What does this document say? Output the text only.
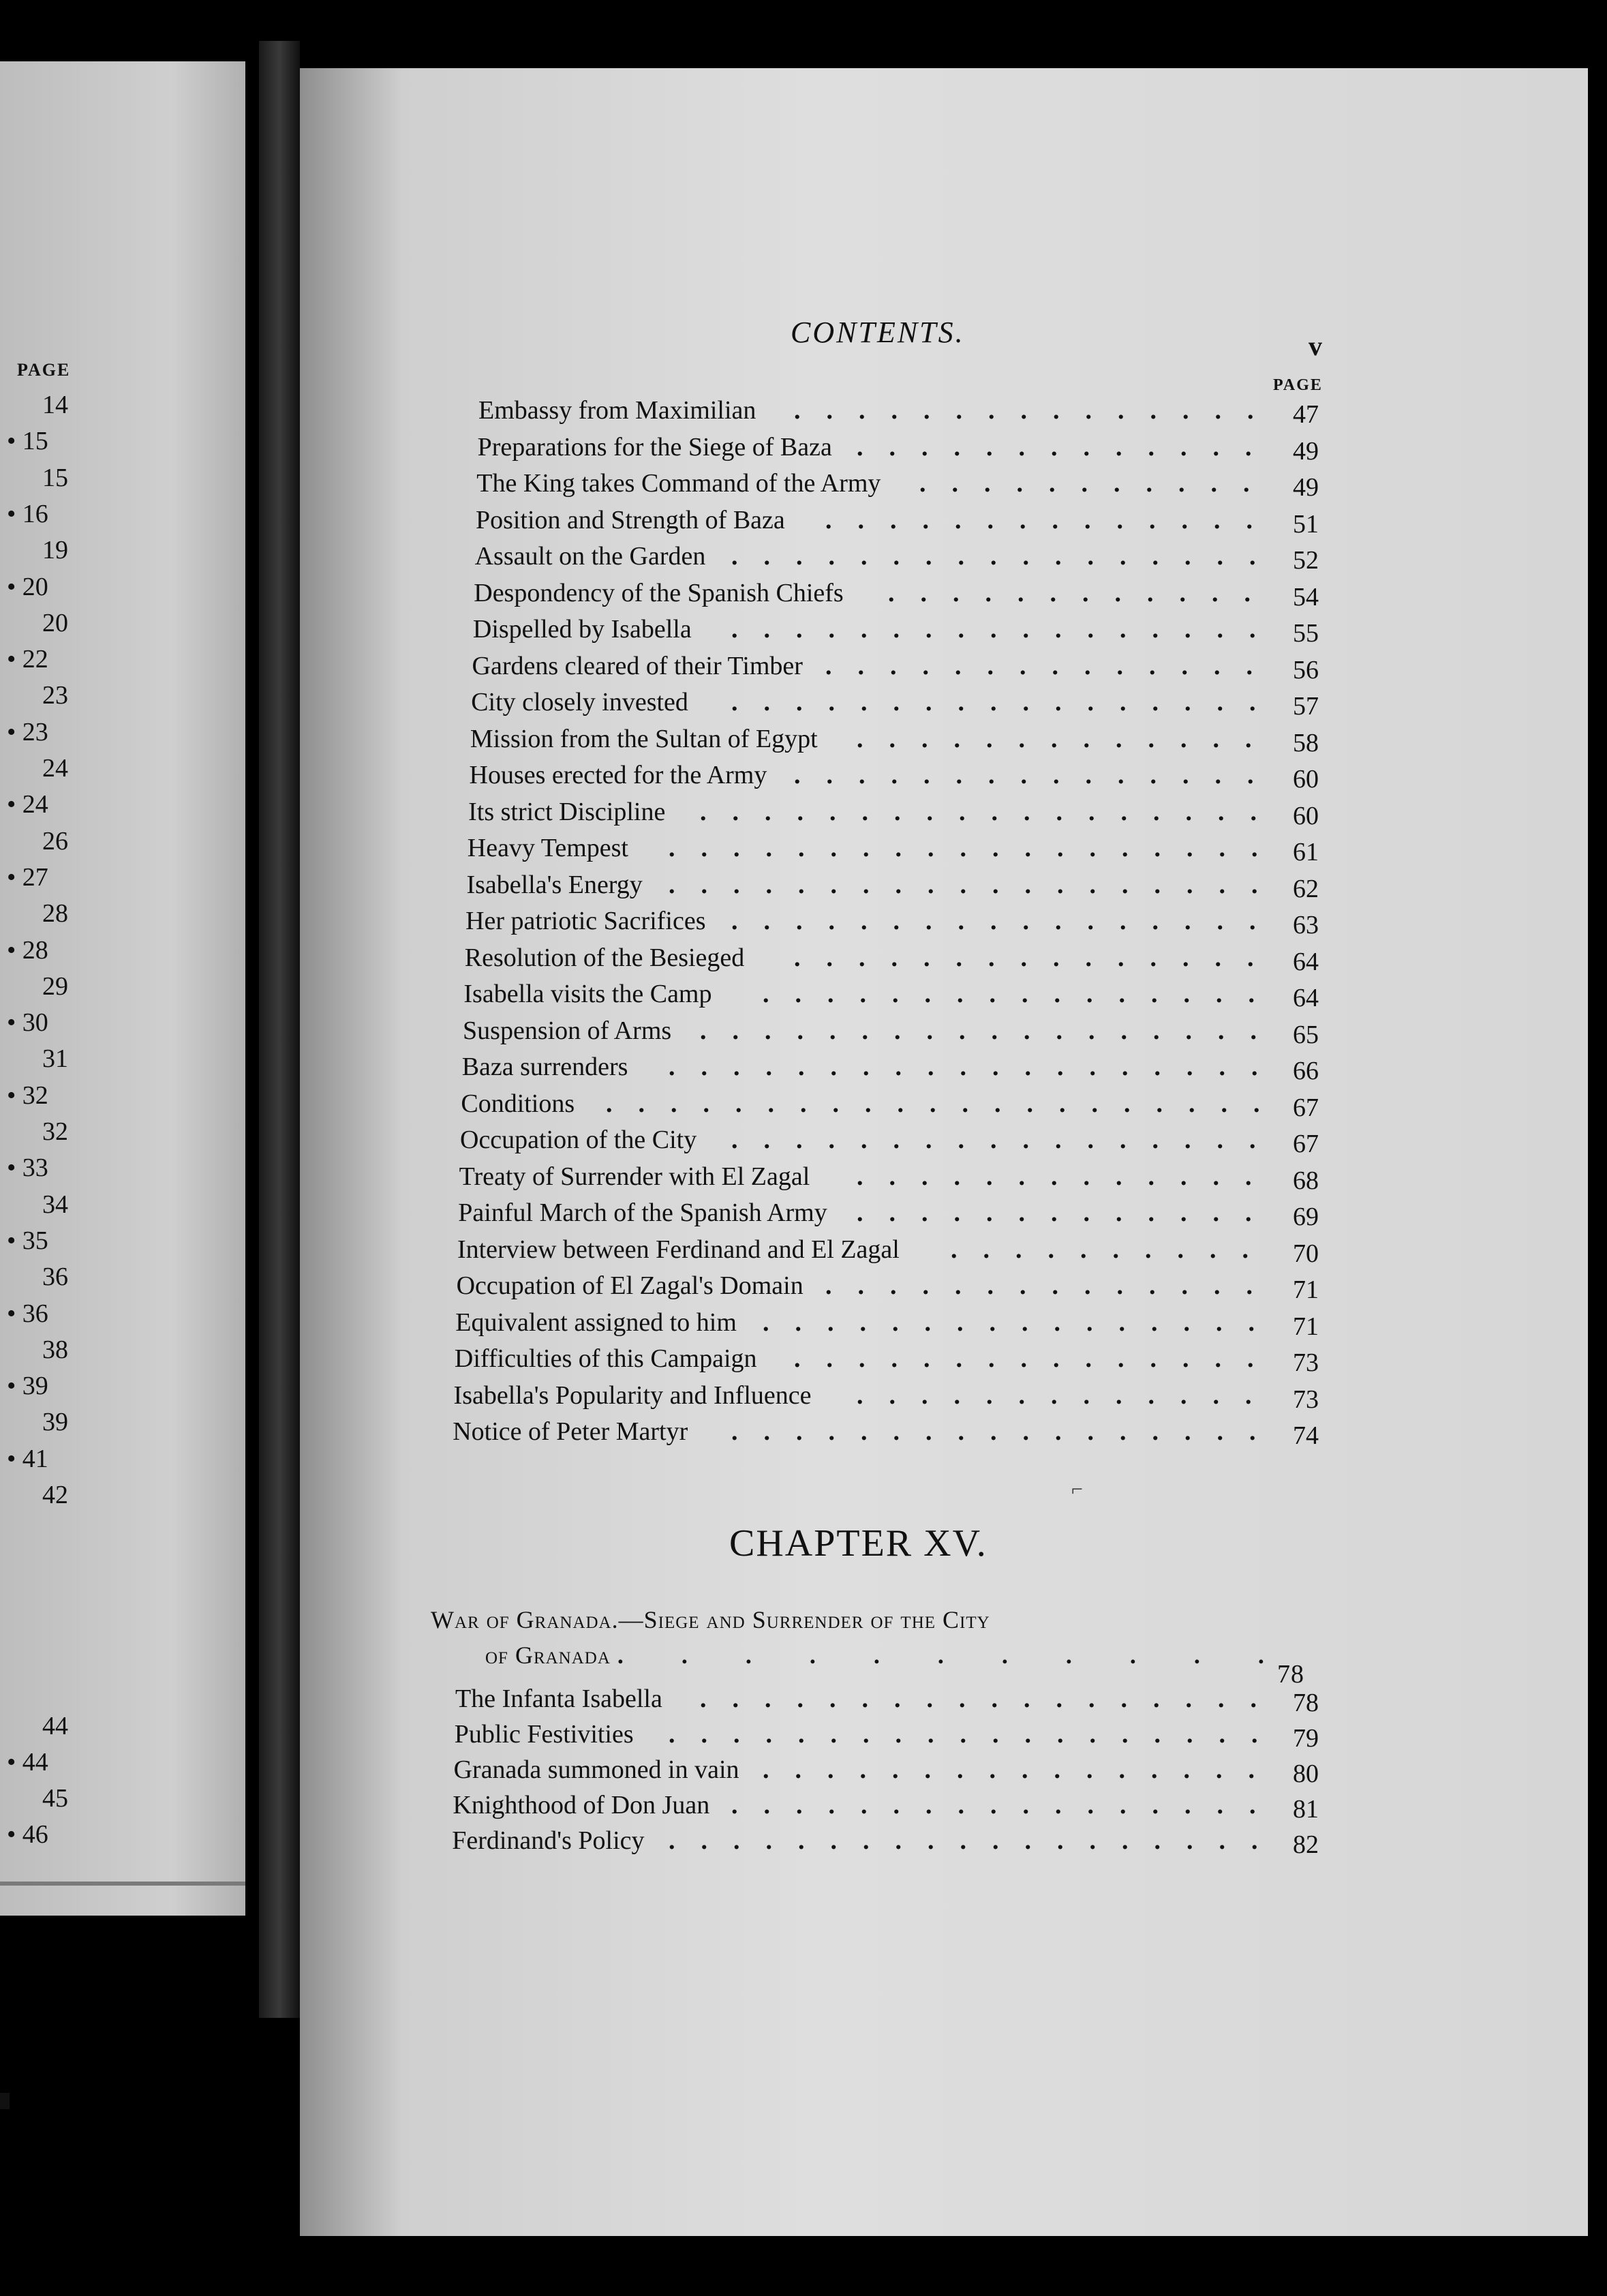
PAGE
14
• 15
15
• 16
19
• 20
20
• 22
23
• 23
24
• 24
26
• 27
28
• 28
29
• 30
31
• 32
32
• 33
34
• 35
36
• 36
38
• 39
39
• 41
42
44
• 44
45
• 46
CONTENTS.	v
PAGE
Embassy from Maximilian	47
...............
Preparations for the Siege of Baza	49
.............
The King takes Command of the Army	49
...........
Position and Strength of Baza	51
..............
Assault on the Garden	52
.................
Despondency of the Spanish Chiefs	54
............
Dispelled by Isabella	55
.................
Gardens cleared of their Timber	56
..............
City closely invested	57
.................
Mission from the Sultan of Egypt	58
.............
Houses erected for the Army	60
...............
Its strict Discipline	60
..................
Heavy Tempest	61
...................
Isabella's Energy	62
...................
Her patriotic Sacrifices	63
.................
Resolution of the Besieged	64
...............
Isabella visits the Camp	64
................
Suspension of Arms	65
..................
Baza surrenders	66
...................
Conditions	67
.....................
Occupation of the City	67
.................
Treaty of Surrender with El Zagal	68
.............
Painful March of the Spanish Army	69
.............
Interview between Ferdinand and El Zagal	70
..........
Occupation of El Zagal's Domain	71
..............
Equivalent assigned to him	71
................
Difficulties of this Campaign	73
...............
Isabella's Popularity and Influence	73
.............
Notice of Peter Martyr	74
.................
CHAPTER XV.
War of Granada.—Siege and Surrender of the City
of Granada . . . . . . . . . . .
78
The Infanta Isabella	78
..................
Public Festivities	79
...................
Granada summoned in vain	80
................
Knighthood of Don Juan	81
.................
Ferdinand's Policy	82
...................
⌐
